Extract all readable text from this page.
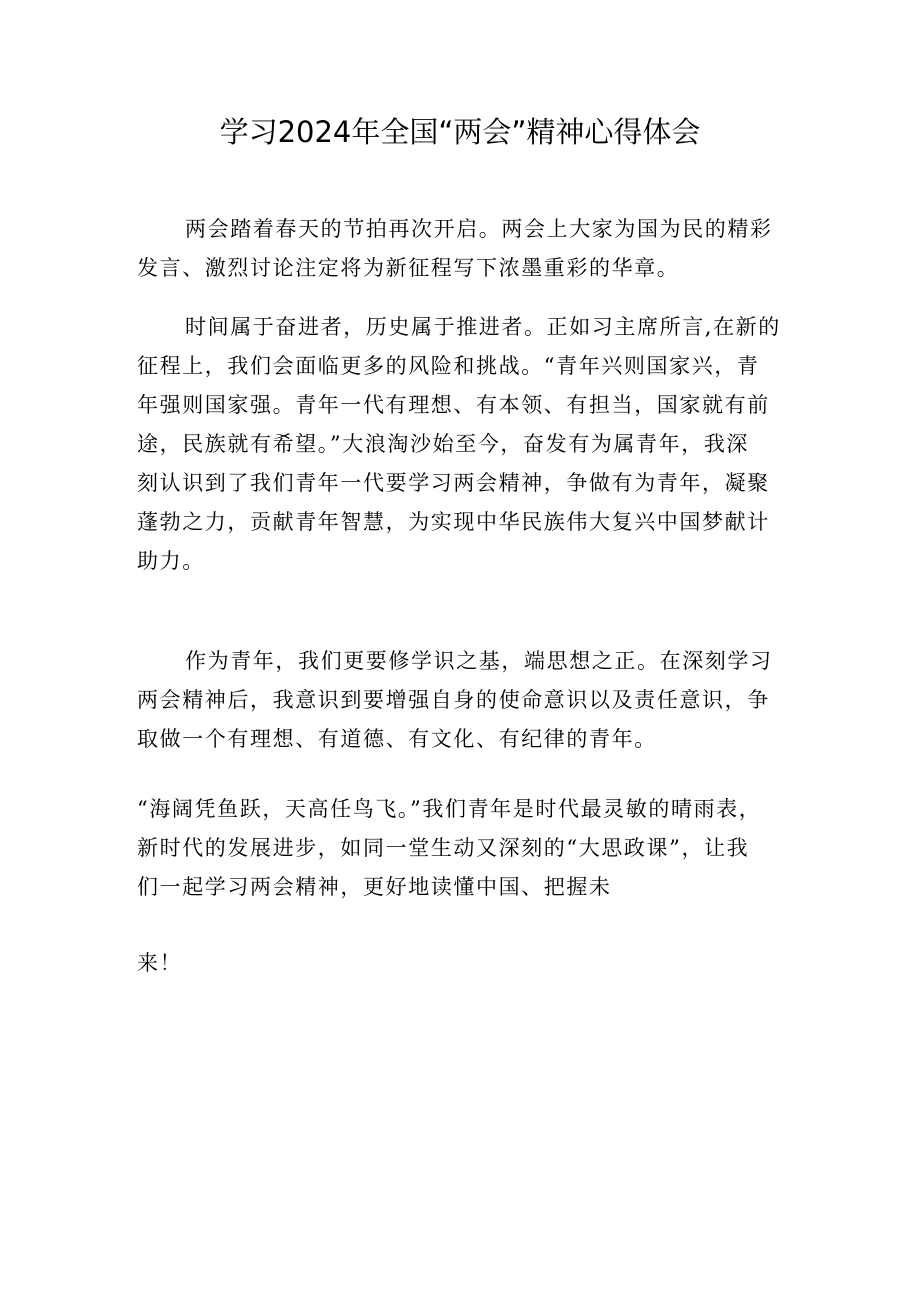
学习2024年全国“两会”精神心得体会
两会踏着春天的节拍再次开启。两会上大家为国为民的精彩
发言、激烈讨论注定将为新征程写下浓墨重彩的华章。
时间属于奋进者，历史属于推进者。正如习主席所言,在新的
征程上，我们会面临更多的风险和挑战。“青年兴则国家兴，青
年强则国家强。青年一代有理想、有本领、有担当，国家就有前
途，民族就有希望。”大浪淘沙始至今，奋发有为属青年，我深
刻认识到了我们青年一代要学习两会精神，争做有为青年，凝聚
蓬勃之力，贡献青年智慧，为实现中华民族伟大复兴中国梦献计
助力。
作为青年，我们更要修学识之基，端思想之正。在深刻学习
两会精神后，我意识到要增强自身的使命意识以及责任意识，争
取做一个有理想、有道德、有文化、有纪律的青年。
“海阔凭鱼跃，天高任鸟飞。”我们青年是时代最灵敏的晴雨表，
新时代的发展进步，如同一堂生动又深刻的“大思政课”，让我
们一起学习两会精神，更好地读懂中国、把握未
来！
